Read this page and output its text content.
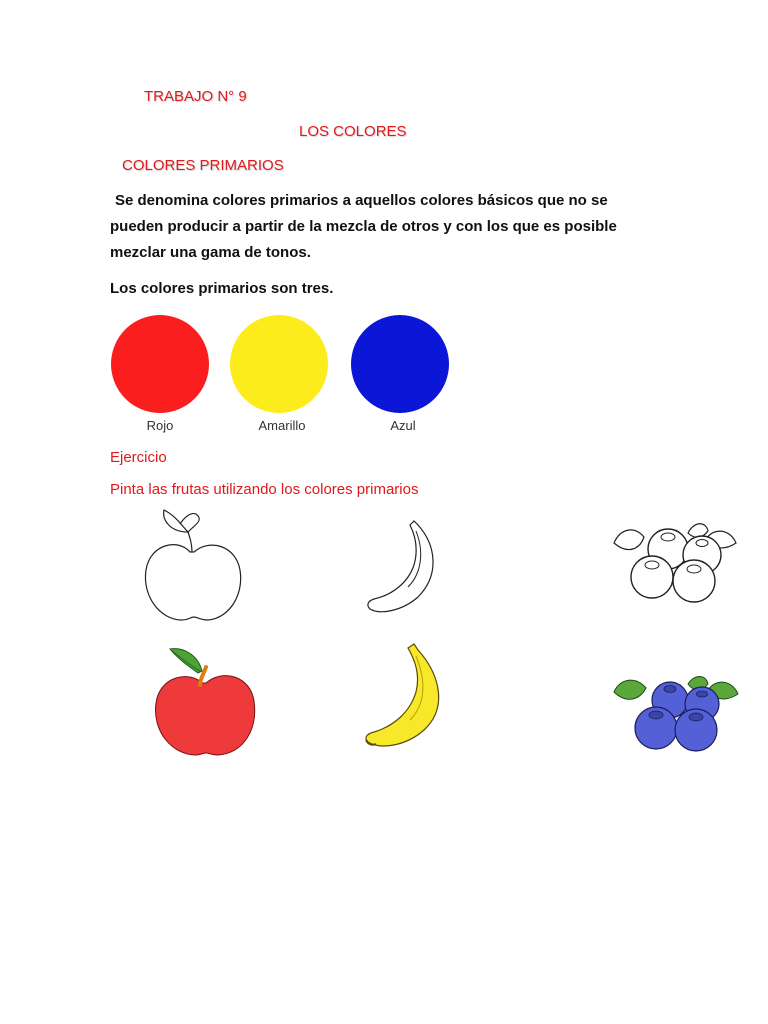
TRABAJO N° 9
LOS COLORES
COLORES PRIMARIOS
Se denomina colores primarios a aquellos colores básicos que no se
pueden producir a partir de la mezcla de otros y con los que es posible
mezclar una gama de tonos.
Los colores primarios son tres.
Rojo	Amarillo	Azul
Ejercicio
Pinta las frutas utilizando los colores primarios
